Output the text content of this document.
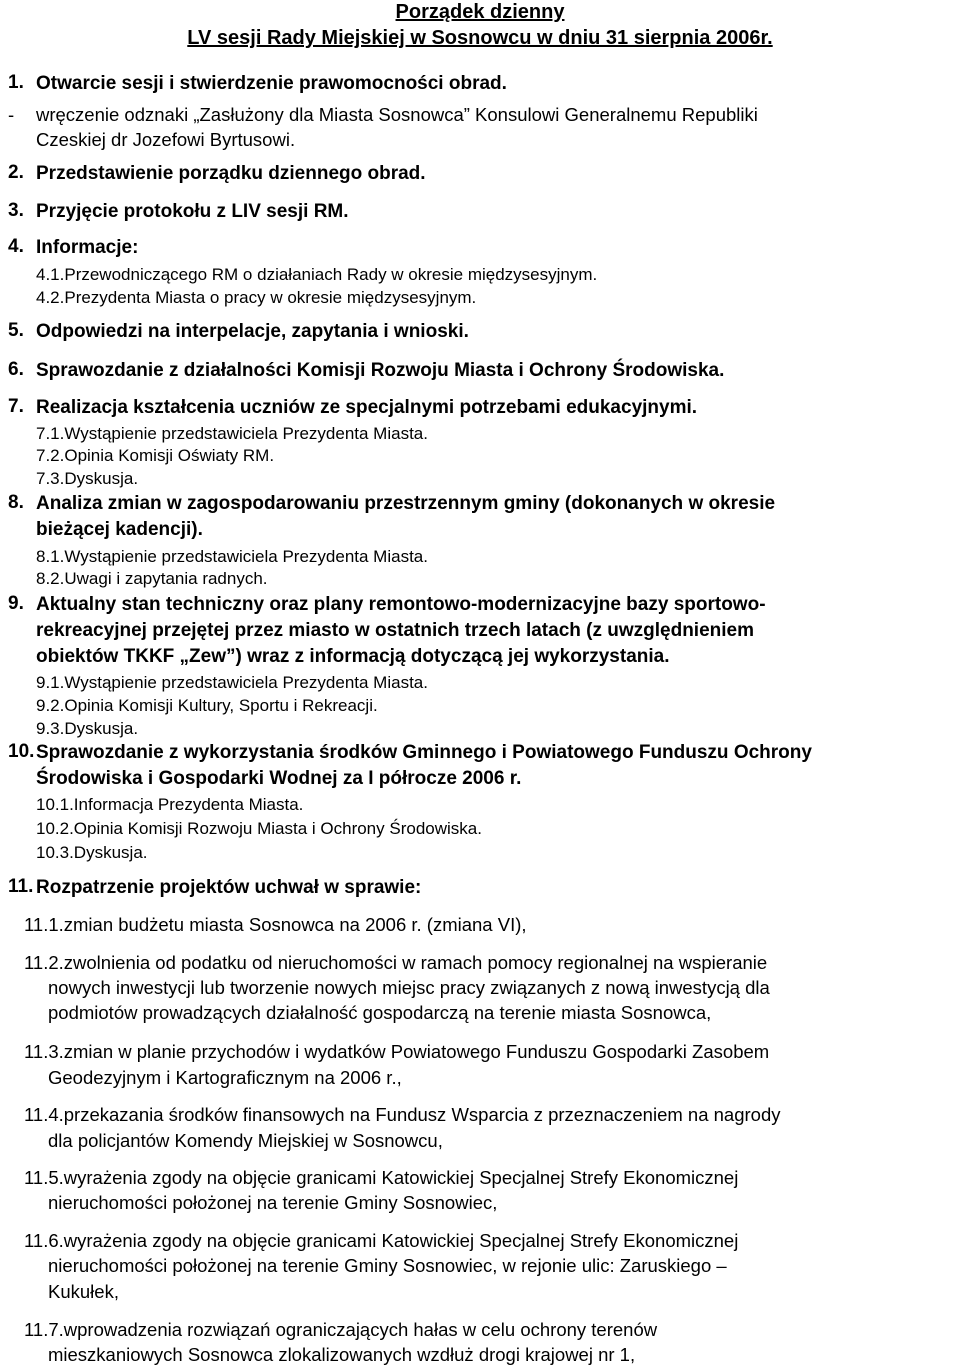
Porządek dzienny
LV sesji Rady Miejskiej w Sosnowcu w dniu 31 sierpnia 2006r.
1. Otwarcie sesji i stwierdzenie prawomocności obrad.
- wręczenie odznaki „Zasłużony dla Miasta Sosnowca” Konsulowi Generalnemu Republiki
Czeskiej dr Jozefowi Byrtusowi.
2. Przedstawienie porządku dziennego obrad.
3. Przyjęcie protokołu z LIV sesji RM.
4. Informacje:
4.1.Przewodniczącego RM o działaniach Rady w okresie międzysesyjnym.
4.2.Prezydenta Miasta o pracy w okresie międzysesyjnym.
5. Odpowiedzi na interpelacje, zapytania i wnioski.
6. Sprawozdanie z działalności Komisji Rozwoju Miasta i Ochrony Środowiska.
7. Realizacja kształcenia uczniów ze specjalnymi potrzebami edukacyjnymi.
7.1.Wystąpienie przedstawiciela Prezydenta Miasta.
7.2.Opinia Komisji Oświaty RM.
7.3.Dyskusja.
8. Analiza zmian w zagospodarowaniu przestrzennym gminy (dokonanych w okresie
bieżącej kadencji).
8.1.Wystąpienie przedstawiciela Prezydenta Miasta.
8.2.Uwagi i zapytania radnych.
9. Aktualny stan techniczny oraz plany remontowo-modernizacyjne bazy sportowo-
rekreacyjnej przejętej przez miasto w ostatnich trzech latach (z uwzględnieniem
obiektów TKKF „Zew”) wraz z informacją dotyczącą jej wykorzystania.
9.1.Wystąpienie przedstawiciela Prezydenta Miasta.
9.2.Opinia Komisji Kultury, Sportu i Rekreacji.
9.3.Dyskusja.
10. Sprawozdanie z wykorzystania środków Gminnego i Powiatowego Funduszu Ochrony
Środowiska i Gospodarki Wodnej za I półrocze 2006 r.
10.1.Informacja Prezydenta Miasta.
10.2.Opinia Komisji Rozwoju Miasta i Ochrony Środowiska.
10.3.Dyskusja.
11. Rozpatrzenie projektów uchwał w sprawie:
11.1.zmian budżetu miasta Sosnowca na 2006 r. (zmiana VI),
11.2.zwolnienia od podatku od nieruchomości w ramach pomocy regionalnej na wspieranie
nowych inwestycji lub tworzenie nowych miejsc pracy związanych z nową inwestycją dla
podmiotów prowadzących działalność gospodarczą na terenie miasta Sosnowca,
11.3.zmian w planie przychodów i wydatków Powiatowego Funduszu Gospodarki Zasobem
Geodezyjnym i Kartograficznym na 2006 r.,
11.4.przekazania środków finansowych na Fundusz Wsparcia z przeznaczeniem na nagrody
dla policjantów Komendy Miejskiej w Sosnowcu,
11.5.wyrażenia zgody na objęcie granicami Katowickiej Specjalnej Strefy Ekonomicznej
nieruchomości położonej na terenie Gminy Sosnowiec,
11.6.wyrażenia zgody na objęcie granicami Katowickiej Specjalnej Strefy Ekonomicznej
nieruchomości położonej na terenie Gminy Sosnowiec, w rejonie ulic: Zaruskiego –
Kukułek,
11.7.wprowadzenia rozwiązań ograniczających hałas w celu ochrony terenów
mieszkaniowych Sosnowca zlokalizowanych wzdłuż drogi krajowej nr 1,
